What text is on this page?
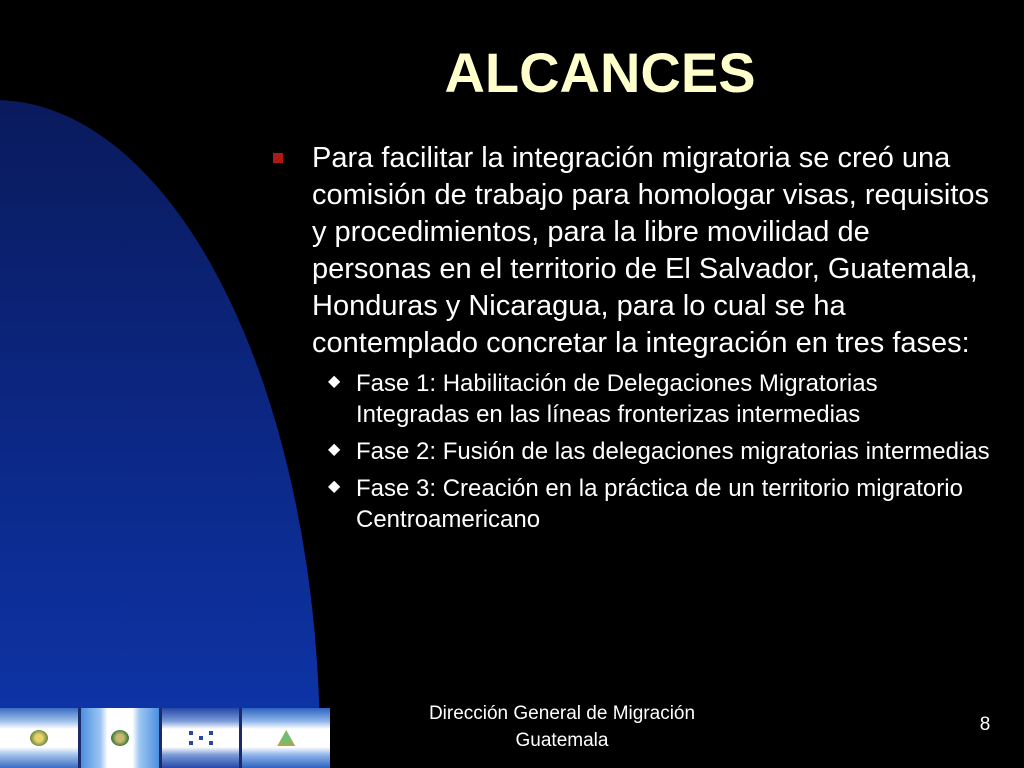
ALCANCES

Para facilitar la integración migratoria se creó una comisión de trabajo para homologar visas, requisitos y procedimientos, para la libre movilidad de personas en el territorio de El Salvador, Guatemala, Honduras y Nicaragua, para lo cual se ha contemplado concretar la integración en tres fases:

◆ Fase 1: Habilitación de Delegaciones Migratorias Integradas en las líneas fronterizas intermedias

◆ Fase 2: Fusión de las delegaciones migratorias intermedias

◆ Fase 3: Creación en la práctica de un territorio migratorio Centroamericano

Dirección General de Migración
Guatemala
8
